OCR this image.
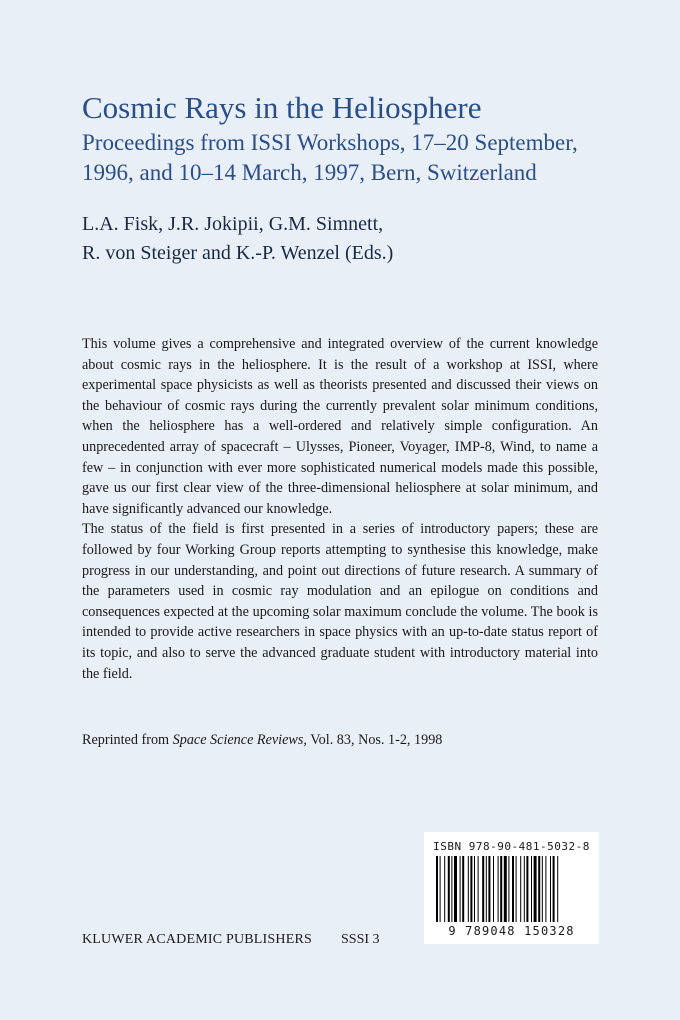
Cosmic Rays in the Heliosphere
Proceedings from ISSI Workshops, 17–20 September,
1996, and 10–14 March, 1997, Bern, Switzerland
L.A. Fisk, J.R. Jokipii, G.M. Simnett,
R. von Steiger and K.-P. Wenzel (Eds.)

This volume gives a comprehensive and integrated overview of the current knowledge about cosmic rays in the heliosphere. It is the result of a workshop at ISSI, where experimental space physicists as well as theorists presented and discussed their views on the behaviour of cosmic rays during the currently prevalent solar minimum conditions, when the heliosphere has a well-ordered and relatively simple configuration. An unprecedented array of spacecraft – Ulysses, Pioneer, Voyager, IMP-8, Wind, to name a few – in conjunction with ever more sophisticated numerical models made this possible, gave us our first clear view of the three-dimensional heliosphere at solar minimum, and have significantly advanced our knowledge.

The status of the field is first presented in a series of introductory papers; these are followed by four Working Group reports attempting to synthesise this knowledge, make progress in our understanding, and point out directions of future research. A summary of the parameters used in cosmic ray modulation and an epilogue on conditions and consequences expected at the upcoming solar maximum conclude the volume. The book is intended to provide active researchers in space physics with an up-to-date status report of its topic, and also to serve the advanced graduate student with introductory material into the field.

Reprinted from Space Science Reviews, Vol. 83, Nos. 1-2, 1998
KLUWER ACADEMIC PUBLISHERS SSSI 3
ISBN 978-90-481-5032-8
9 789048 150328
